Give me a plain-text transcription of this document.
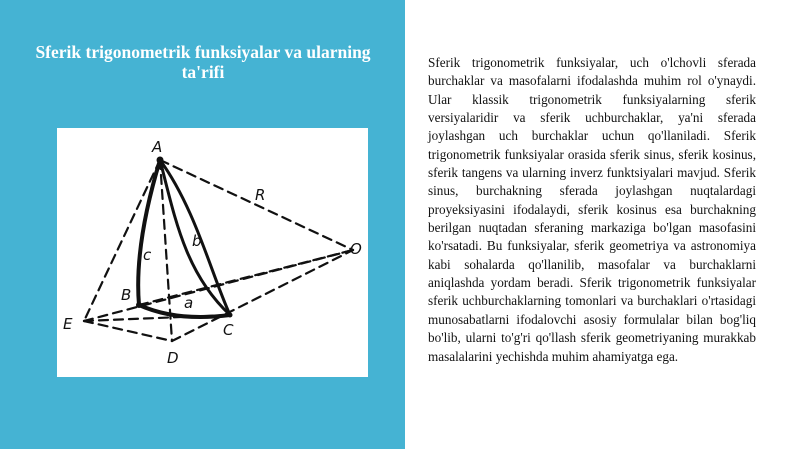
Sferik trigonometrik funksiyalar va ularning ta'rifi
A
R
O
b
c
B	a
E	C
D

Sferik trigonometrik funksiyalar, uch o'lchovli sferada burchaklar va masofalarni ifodalashda muhim rol o'ynaydi. Ular klassik trigonometrik funksiyalarning sferik versiyalaridir va sferik uchburchaklar, ya'ni sferada joylashgan uch burchaklar uchun qo'llaniladi. Sferik trigonometrik funksiyalar orasida sferik sinus, sferik kosinus, sferik tangens va ularning inverz funktsiyalari mavjud. Sferik sinus, burchakning sferada joylashgan nuqtalardagi proyeksiyasini ifodalaydi, sferik kosinus esa burchakning berilgan nuqtadan sferaning markaziga bo'lgan masofasini ko'rsatadi. Bu funksiyalar, sferik geometriya va astronomiya kabi sohalarda qo'llanilib, masofalar va burchaklarni aniqlashda yordam beradi. Sferik trigonometrik funksiyalar sferik uchburchaklarning tomonlari va burchaklari o'rtasidagi munosabatlarni ifodalovchi asosiy formulalar bilan bog'liq bo'lib, ularni to'g'ri qo'llash sferik geometriyaning murakkab masalalarini yechishda muhim ahamiyatga ega.
